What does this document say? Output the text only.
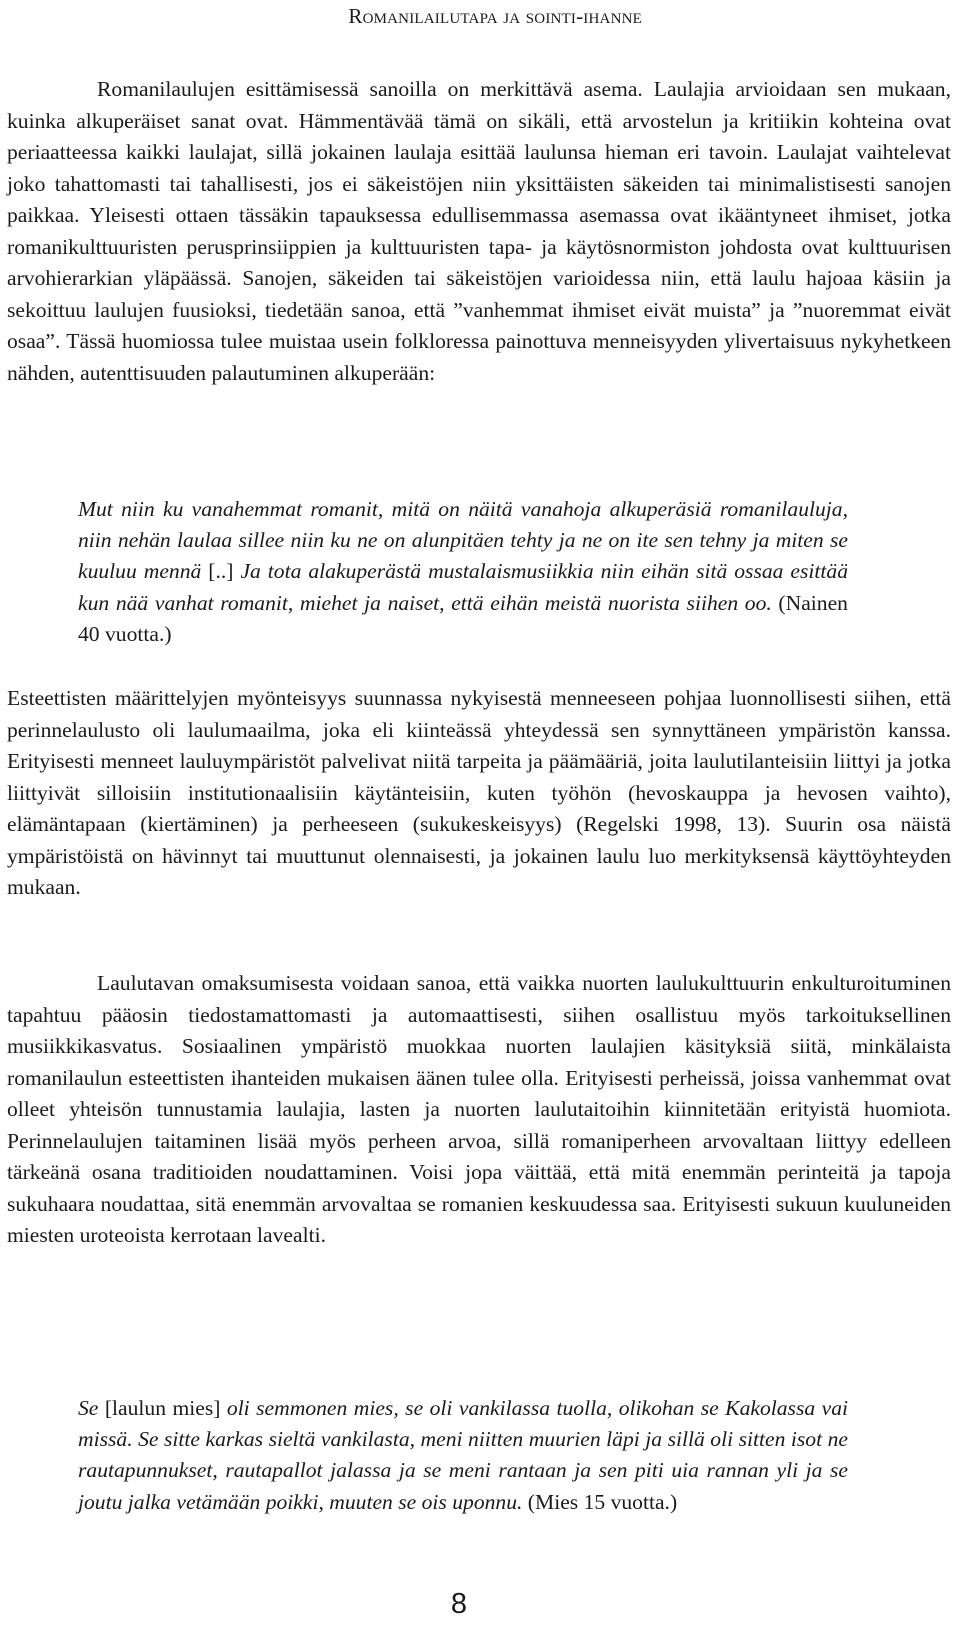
Romanilailutapa ja sointi-ihanne

Romanilaulujen esittämisessä sanoilla on merkittävä asema. Laulajia arvioidaan sen mukaan, kuinka alkuperäiset sanat ovat. Hämmentävää tämä on sikäli, että arvostelun ja kritiikin kohteina ovat periaatteessa kaikki laulajat, sillä jokainen laulaja esittää laulunsa hieman eri tavoin. Laulajat vaihtelevat joko tahattomasti tai tahallisesti, jos ei säkeistöjen niin yksittäisten säkeiden tai minimalistisesti sanojen paikkaa. Yleisesti ottaen tässäkin tapauksessa edullisemmassa asemassa ovat ikääntyneet ihmiset, jotka romanikulttuuristen perusprinsiippien ja kulttuuristen tapa- ja käytösnormiston johdosta ovat kulttuurisen arvohierarkian yläpäässä. Sanojen, säkeiden tai säkeistöjen varioidessa niin, että laulu hajoaa käsiin ja sekoittuu laulujen fuusioksi, tiedetään sanoa, että ”vanhemmat ihmiset eivät muista” ja ”nuoremmat eivät osaa”. Tässä huomiossa tulee muistaa usein folkloressa painottuva menneisyyden ylivertaisuus nykyhetkeen nähden, autenttisuuden palautuminen alkuperään:

Mut niin ku vanahemmat romanit, mitä on näitä vanahoja alkuperäsiä romanilauluja, niin nehän laulaa sillee niin ku ne on alunpitäen tehty ja ne on ite sen tehny ja miten se kuuluu mennä [..] Ja tota alakuperästä mustalaismusiikkia niin eihän sitä ossaa esittää kun nää vanhat romanit, miehet ja naiset, että eihän meistä nuorista siihen oo. (Nainen 40 vuotta.)

Esteettisten määrittelyjen myönteisyys suunnassa nykyisestä menneeseen pohjaa luonnollisesti siihen, että perinnelaulusto oli laulumaailma, joka eli kiinteässä yhteydessä sen synnyttäneen ympäristön kanssa. Erityisesti menneet lauluympäristöt palvelivat niitä tarpeita ja päämääriä, joita laulutilanteisiin liittyi ja jotka liittyivät silloisiin institutionaalisiin käytänteisiin, kuten työhön (hevoskauppa ja hevosen vaihto), elämäntapaan (kiertäminen) ja perheeseen (sukukeskeisyys) (Regelski 1998, 13). Suurin osa näistä ympäristöistä on hävinnyt tai muuttunut olennaisesti, ja jokainen laulu luo merkityksensä käyttöyhteyden mukaan.

Laulutavan omaksumisesta voidaan sanoa, että vaikka nuorten laulukulttuurin enkulturoituminen tapahtuu pääosin tiedostamattomasti ja automaattisesti, siihen osallistuu myös tarkoituksellinen musiikkikasvatus. Sosiaalinen ympäristö muokkaa nuorten laulajien käsityksiä siitä, minkälaista romanilaulun esteettisten ihanteiden mukaisen äänen tulee olla. Erityisesti perheissä, joissa vanhemmat ovat olleet yhteisön tunnustamia laulajia, lasten ja nuorten laulutaitoihin kiinnitetään erityistä huomiota. Perinnelaulujen taitaminen lisää myös perheen arvoa, sillä romaniperheen arvovaltaan liittyy edelleen tärkeänä osana traditioiden noudattaminen. Voisi jopa väittää, että mitä enemmän perinteitä ja tapoja sukuhaara noudattaa, sitä enemmän arvovaltaa se romanien keskuudessa saa. Erityisesti sukuun kuuluneiden miesten uroteoista kerrotaan lavealti.

Se [laulun mies] oli semmonen mies, se oli vankilassa tuolla, olikohan se Kakolassa vai missä. Se sitte karkas sieltä vankilasta, meni niitten muurien läpi ja sillä oli sitten isot ne rautapunnukset, rautapallot jalassa ja se meni rantaan ja sen piti uia rannan yli ja se joutu jalka vetämään poikki, muuten se ois uponnu. (Mies 15 vuotta.)

8
